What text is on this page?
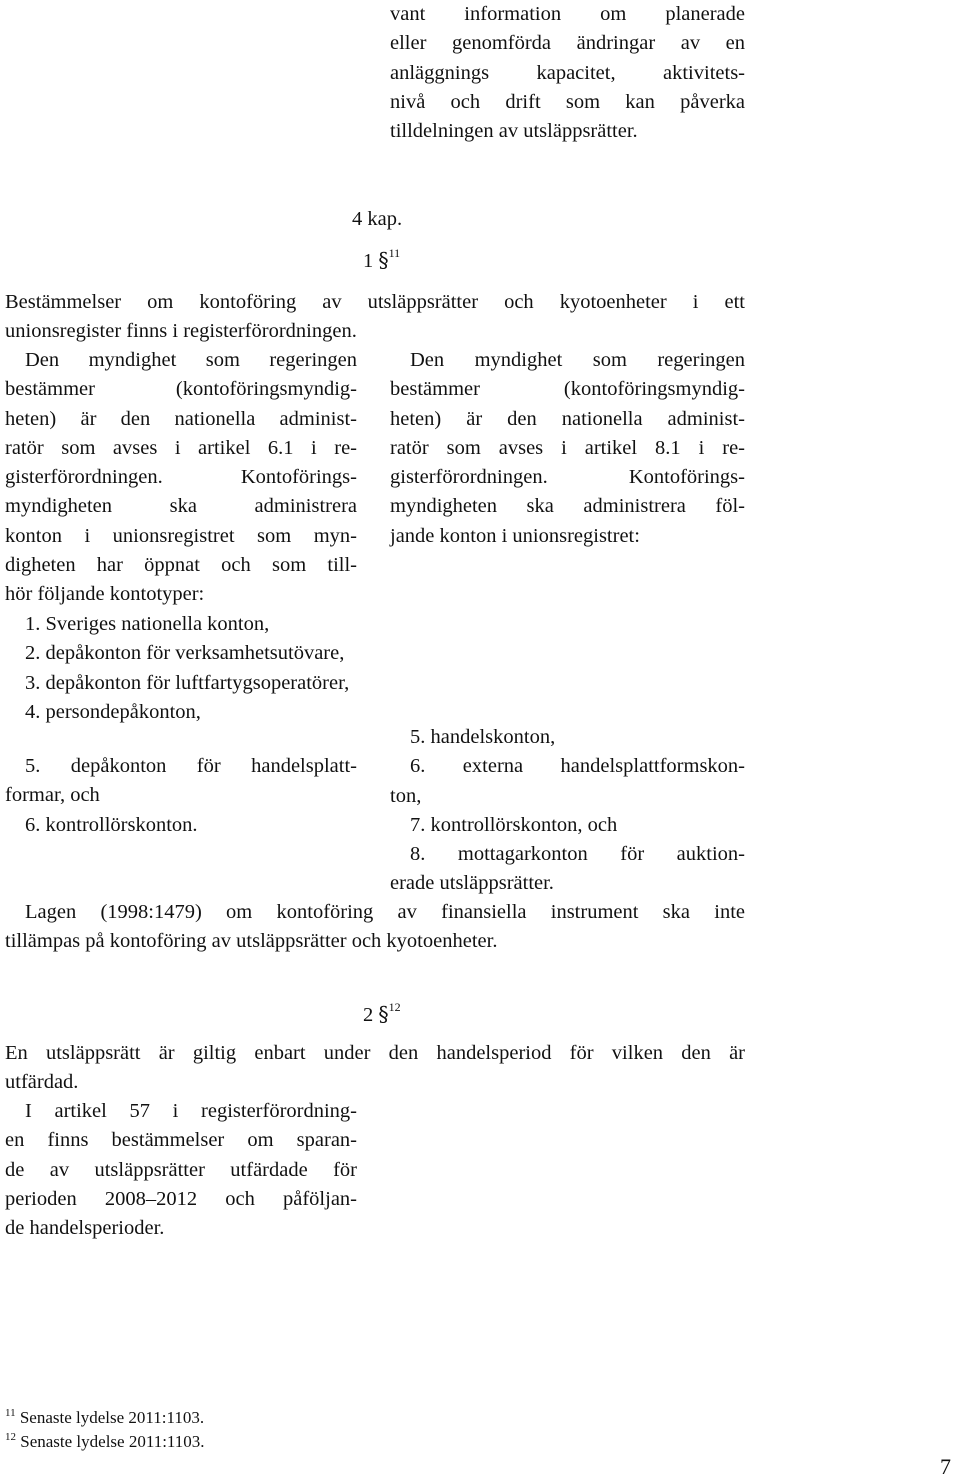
vant information om planerade
eller genomförda ändringar av en
anläggnings kapacitet, aktivitets-
nivå och drift som kan påverka
tilldelningen av utsläppsrätter.
4 kap.
1 §$^{11}$
Bestämmelser om kontoföring av utsläppsrätter och kyotoenheter i ett
unionsregister finns i registerförordningen.
Den myndighet som regeringen
bestämmer (kontoföringsmyndig-
heten) är den nationella administ-
ratör som avses i artikel 6.1 i re-
gisterförordningen. Kontoförings-
myndigheten ska administrera
konton i unionsregistret som myn-
digheten har öppnat och som till-
hör följande kontotyper:
Den myndighet som regeringen
bestämmer (kontoföringsmyndig-
heten) är den nationella administ-
ratör som avses i artikel 8.1 i re-
gisterförordningen. Kontoförings-
myndigheten ska administrera föl-
jande konton i unionsregistret:
1. Sveriges nationella konton,
2. depåkonton för verksamhetsutövare,
3. depåkonton för luftfartygsoperatörer,
4. persondepåkonton,
5. depåkonton för handelsplatt-
formar, och
6. kontrollörskonton.
5. handelskonton,
6. externa handelsplattformskon-
ton,
7. kontrollörskonton, och
8. mottagarkonton för auktion-
erade utsläppsrätter.
Lagen (1998:1479) om kontoföring av finansiella instrument ska inte
tillämpas på kontoföring av utsläppsrätter och kyotoenheter.
2 §$^{12}$
En utsläppsrätt är giltig enbart under den handelsperiod för vilken den är
utfärdad.
I artikel 57 i registerförordning-
en finns bestämmelser om sparan-
de av utsläppsrätter utfärdade för
perioden 2008–2012 och påföljan-
de handelsperioder.
$^{11}$ Senaste lydelse 2011:1103.
$^{12}$ Senaste lydelse 2011:1103.
7
